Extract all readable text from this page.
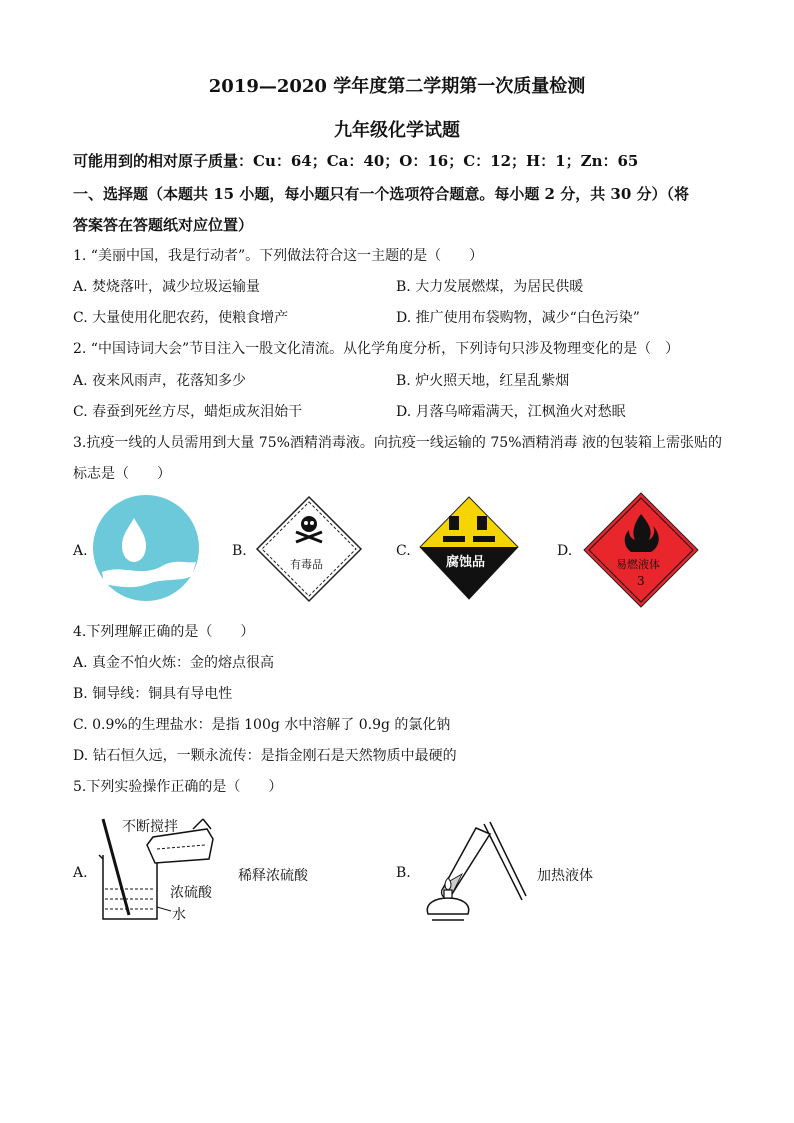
2019—2020 学年度第二学期第一次质量检测
九年级化学试题
可能用到的相对原子质量：Cu：64；Ca：40；O：16；C：12；H：1；Zn：65
一、选择题（本题共 15 小题，每小题只有一个选项符合题意。每小题 2 分，共 30 分）（将
答案答在答题纸对应位置）
1. “美丽中国，我是行动者”。下列做法符合这一主题的是（　　）
A. 焚烧落叶，减少垃圾运输量	B. 大力发展燃煤，为居民供暖
C. 大量使用化肥农药，使粮食增产	D. 推广使用布袋购物，减少“白色污染”
2. “中国诗词大会”节目注入一股文化清流。从化学角度分析，下列诗句只涉及物理变化的是（　）
A. 夜来风雨声，花落知多少	B. 炉火照天地，红星乱紫烟
C. 春蚕到死丝方尽，蜡炬成灰泪始干	D. 月落乌啼霜满天，江枫渔火对愁眠
3.抗疫一线的人员需用到大量 75%酒精消毒液。向抗疫一线运输的 75%酒精消毒 液的包装箱上需张贴的
标志是（　　）
A.	B.
有毒品
C.
腐蚀品
D.
易燃液体
3
4.下列理解正确的是（　　）
A. 真金不怕火炼：金的熔点很高
B. 铜导线：铜具有导电性
C. 0.9%的生理盐水：是指 100g 水中溶解了 0.9g 的氯化钠
D. 钻石恒久远，一颗永流传：是指金刚石是天然物质中最硬的
5.下列实验操作正确的是（　　）
A.
不断搅拌
浓硫酸
水
稀释浓硫酸	B.	加热液体
